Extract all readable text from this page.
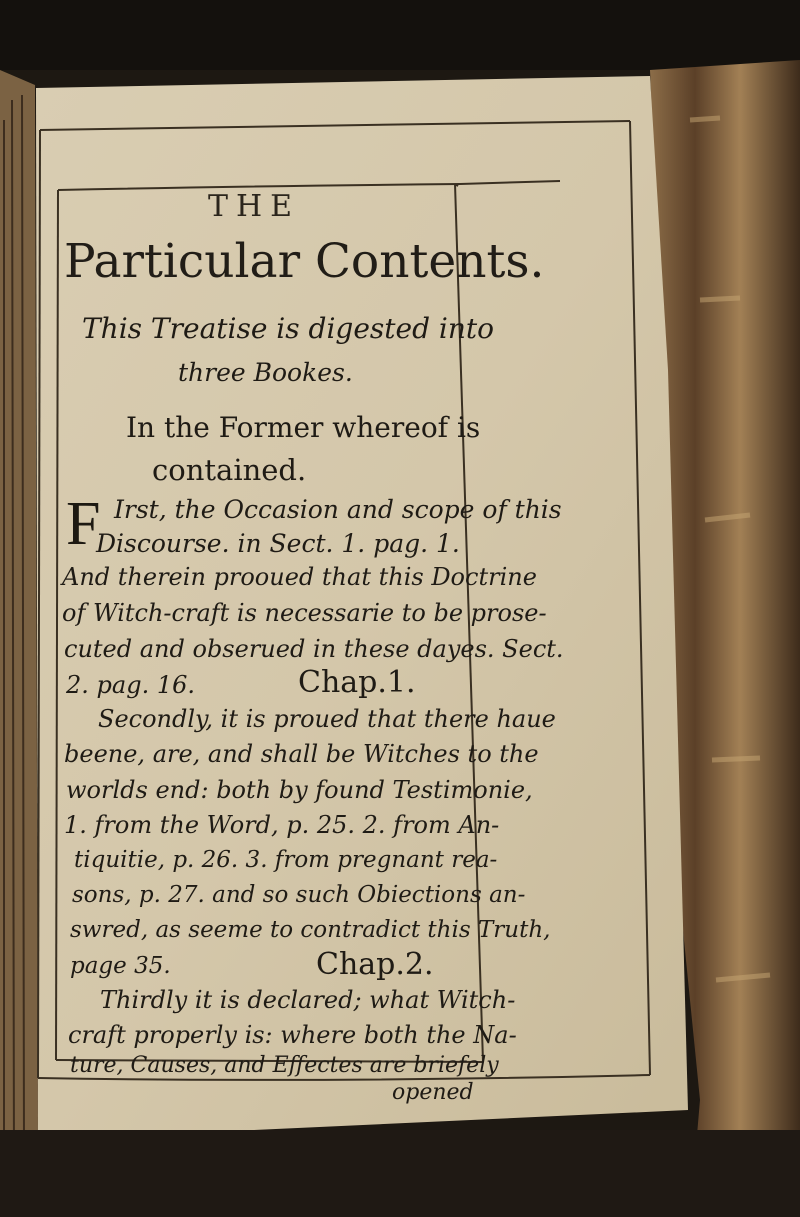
THE
Particular Contents.
This Treatise is digested into
three Bookes.
In the Former whereof is
contained.
F Irst, the Occasion and scope of this
Discourse. in Sect. 1. pag. 1.
And therein prooued that this Doctrine
of Witch-craft is necessarie to be prose-
cuted and obserued in these dayes. Sect.
2. pag. 16.	Chap.1.
Secondly, it is proued that there haue
beene, are, and shall be Witches to the
worlds end: both by found Testimonie,
1. from the Word, p. 25. 2. from An-
tiquitie, p. 26. 3. from pregnant rea-
sons, p. 27. and so such Obiections an-
swred, as seeme to contradict this Truth,
page 35.	Chap.2.
Thirdly it is declared; what Witch-
craft properly is: where both the Na-
ture, Causes, and Effectes are briefely
opened
